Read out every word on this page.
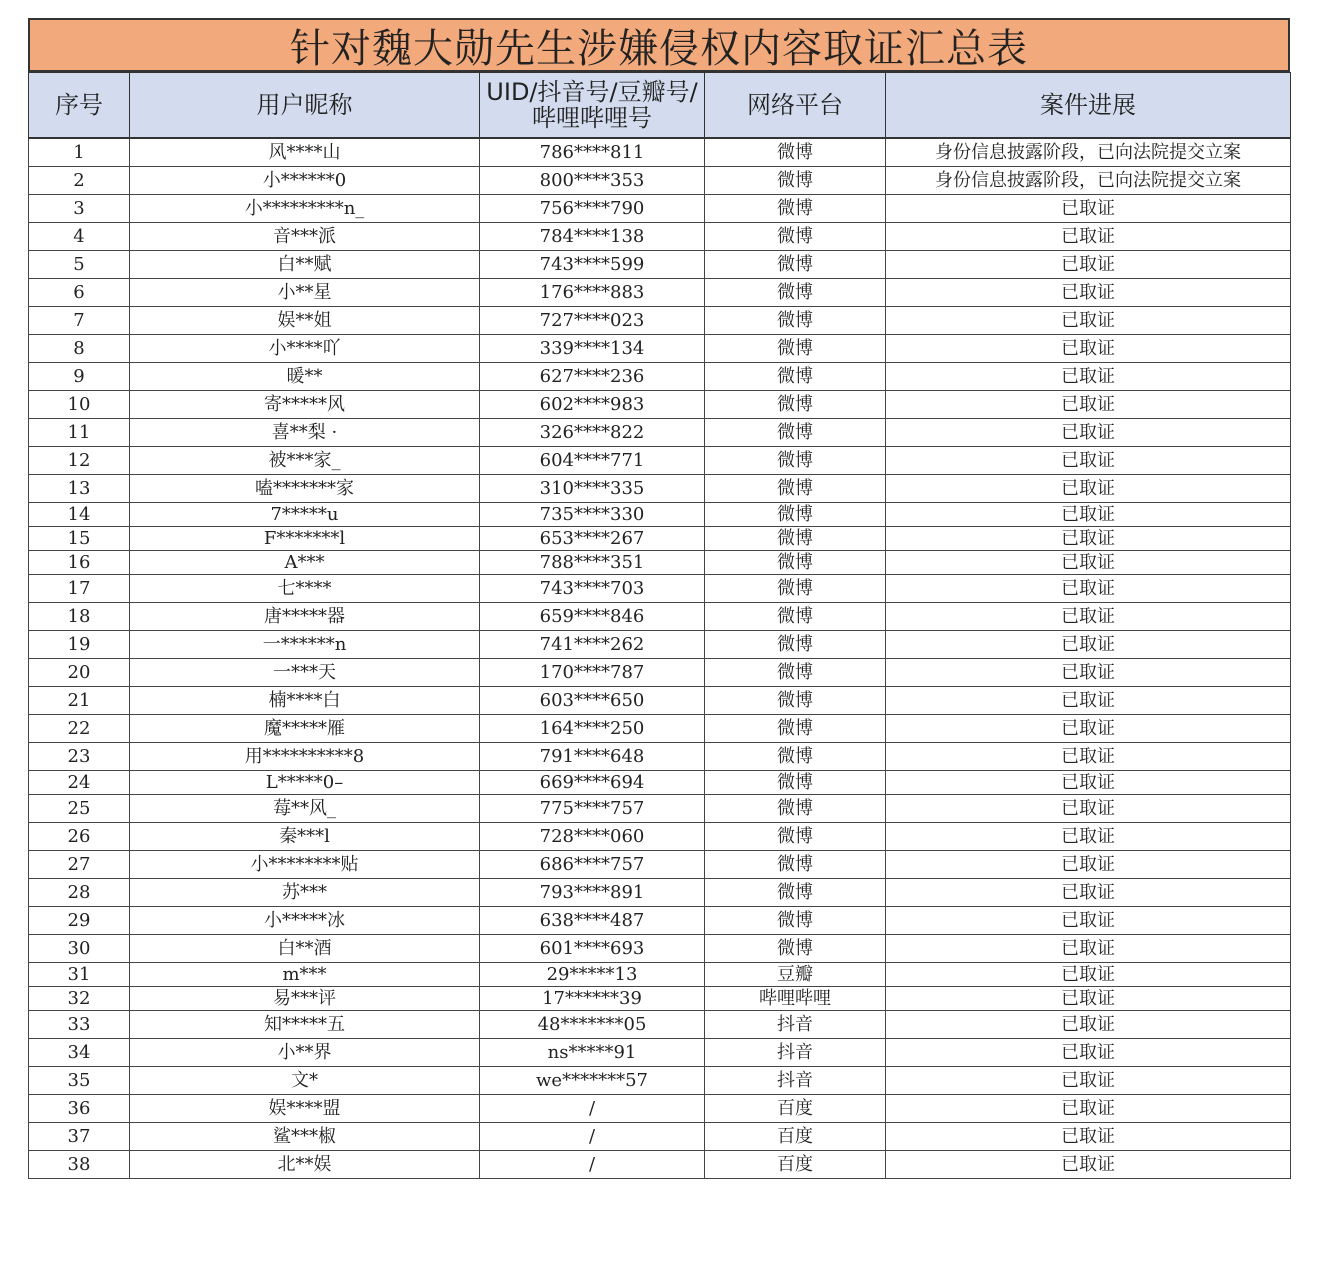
针对魏大勋先生涉嫌侵权内容取证汇总表
序号	用户昵称	UID/抖音号/豆瓣号/哔哩哔哩号	网络平台	案件进展
1	风****山	786****811	微博	身份信息披露阶段，已向法院提交立案
2	小******0	800****353	微博	身份信息披露阶段，已向法院提交立案
3	小*********n_	756****790	微博	已取证
4	音***派	784****138	微博	已取证
5	白**赋	743****599	微博	已取证
6	小**星	176****883	微博	已取证
7	娱**姐	727****023	微博	已取证
8	小****吖	339****134	微博	已取证
9	暖**	627****236	微博	已取证
10	寄*****风	602****983	微博	已取证
11	喜**梨 ·	326****822	微博	已取证
12	被***家_	604****771	微博	已取证
13	嗑*******家	310****335	微博	已取证
14	7*****u	735****330	微博	已取证
15	F*******l	653****267	微博	已取证
16	A***	788****351	微博	已取证
17	七****	743****703	微博	已取证
18	唐*****器	659****846	微博	已取证
19	一******n	741****262	微博	已取证
20	一***天	170****787	微博	已取证
21	楠****白	603****650	微博	已取证
22	魔*****雁	164****250	微博	已取证
23	用**********8	791****648	微博	已取证
24	L*****0–	669****694	微博	已取证
25	莓**风_	775****757	微博	已取证
26	秦***l	728****060	微博	已取证
27	小********贴	686****757	微博	已取证
28	苏***	793****891	微博	已取证
29	小*****冰	638****487	微博	已取证
30	白**酒	601****693	微博	已取证
31	m***	29*****13	豆瓣	已取证
32	易***评	17******39	哔哩哔哩	已取证
33	知*****五	48*******05	抖音	已取证
34	小**界	ns*****91	抖音	已取证
35	文*	we*******57	抖音	已取证
36	娱****盟	/	百度	已取证
37	鲨***椒	/	百度	已取证
38	北**娱	/	百度	已取证
